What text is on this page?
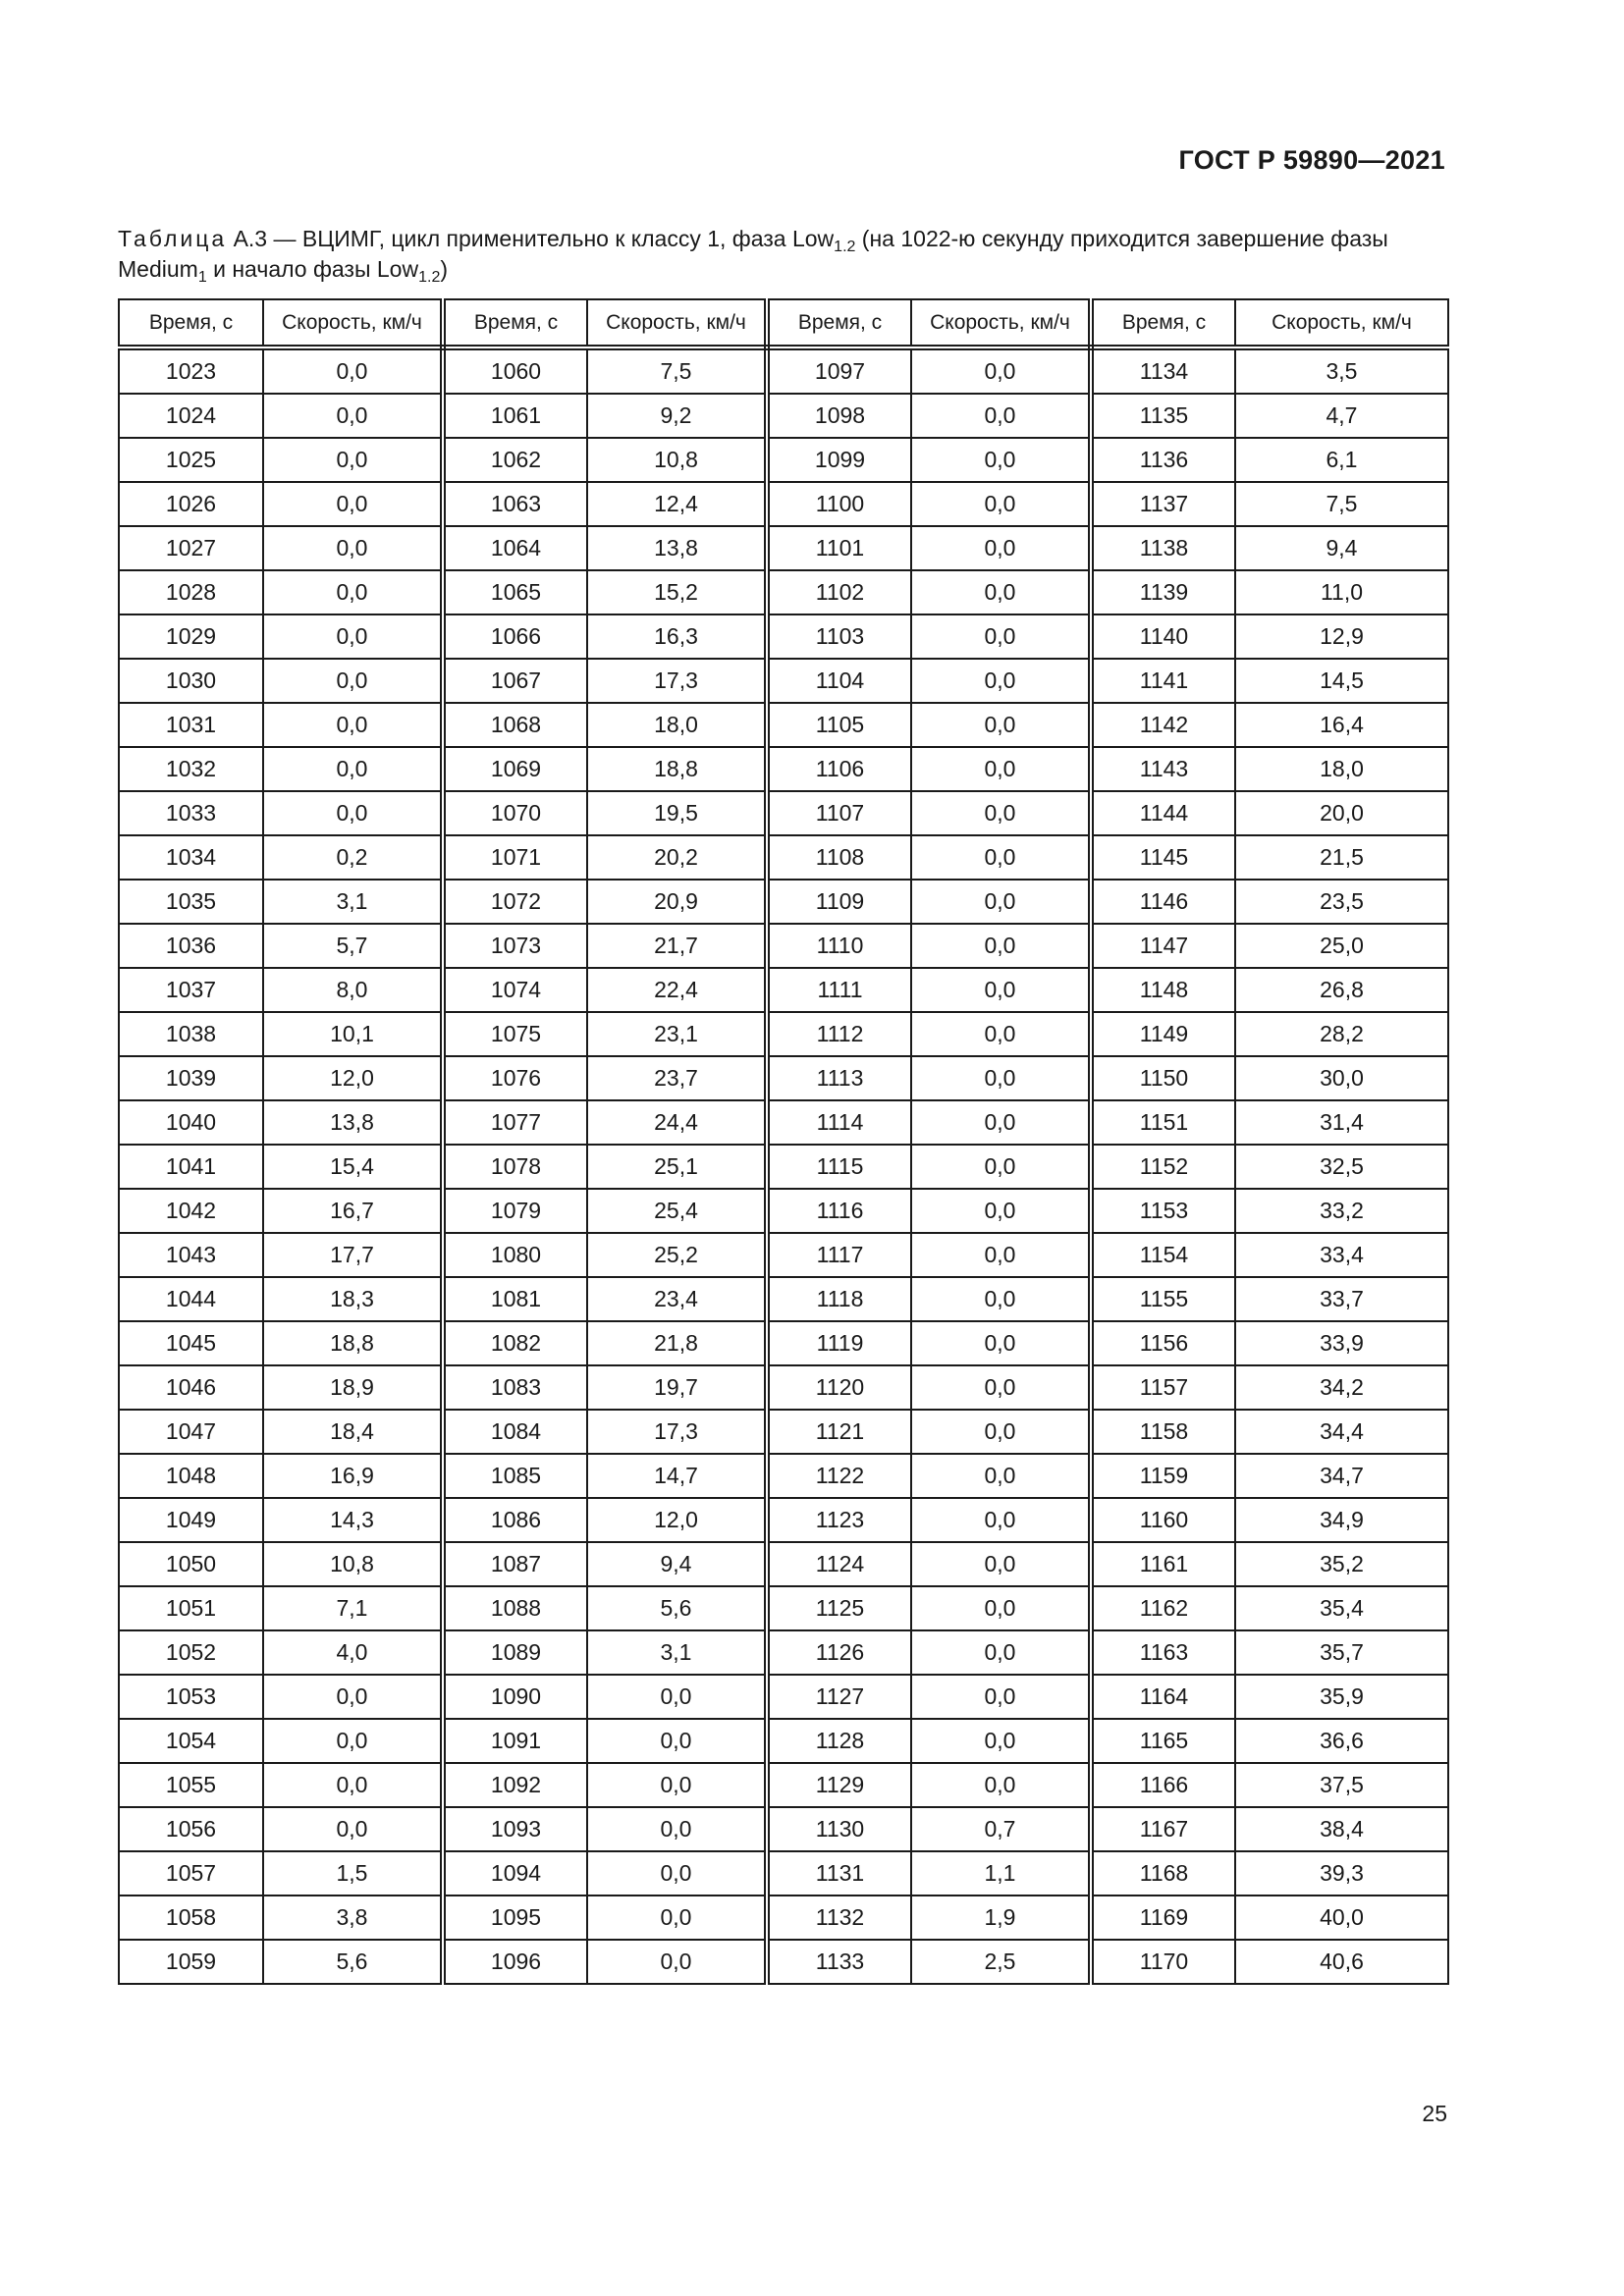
ГОСТ Р 59890—2021
Таблица А.3 — ВЦИМГ, цикл применительно к классу 1, фаза Low$_{1.2}$ (на 1022-ю секунду приходится завершение фазы Medium$_1$ и начало фазы Low$_{1.2}$)
Время, с	Скорость, км/ч	Время, с	Скорость, км/ч	Время, с	Скорость, км/ч	Время, с	Скорость, км/ч
1023	0,0	1060	7,5	1097	0,0	1134	3,5
1024	0,0	1061	9,2	1098	0,0	1135	4,7
1025	0,0	1062	10,8	1099	0,0	1136	6,1
1026	0,0	1063	12,4	1100	0,0	1137	7,5
1027	0,0	1064	13,8	1101	0,0	1138	9,4
1028	0,0	1065	15,2	1102	0,0	1139	11,0
1029	0,0	1066	16,3	1103	0,0	1140	12,9
1030	0,0	1067	17,3	1104	0,0	1141	14,5
1031	0,0	1068	18,0	1105	0,0	1142	16,4
1032	0,0	1069	18,8	1106	0,0	1143	18,0
1033	0,0	1070	19,5	1107	0,0	1144	20,0
1034	0,2	1071	20,2	1108	0,0	1145	21,5
1035	3,1	1072	20,9	1109	0,0	1146	23,5
1036	5,7	1073	21,7	1110	0,0	1147	25,0
1037	8,0	1074	22,4	1111	0,0	1148	26,8
1038	10,1	1075	23,1	1112	0,0	1149	28,2
1039	12,0	1076	23,7	1113	0,0	1150	30,0
1040	13,8	1077	24,4	1114	0,0	1151	31,4
1041	15,4	1078	25,1	1115	0,0	1152	32,5
1042	16,7	1079	25,4	1116	0,0	1153	33,2
1043	17,7	1080	25,2	1117	0,0	1154	33,4
1044	18,3	1081	23,4	1118	0,0	1155	33,7
1045	18,8	1082	21,8	1119	0,0	1156	33,9
1046	18,9	1083	19,7	1120	0,0	1157	34,2
1047	18,4	1084	17,3	1121	0,0	1158	34,4
1048	16,9	1085	14,7	1122	0,0	1159	34,7
1049	14,3	1086	12,0	1123	0,0	1160	34,9
1050	10,8	1087	9,4	1124	0,0	1161	35,2
1051	7,1	1088	5,6	1125	0,0	1162	35,4
1052	4,0	1089	3,1	1126	0,0	1163	35,7
1053	0,0	1090	0,0	1127	0,0	1164	35,9
1054	0,0	1091	0,0	1128	0,0	1165	36,6
1055	0,0	1092	0,0	1129	0,0	1166	37,5
1056	0,0	1093	0,0	1130	0,7	1167	38,4
1057	1,5	1094	0,0	1131	1,1	1168	39,3
1058	3,8	1095	0,0	1132	1,9	1169	40,0
1059	5,6	1096	0,0	1133	2,5	1170	40,6
25
